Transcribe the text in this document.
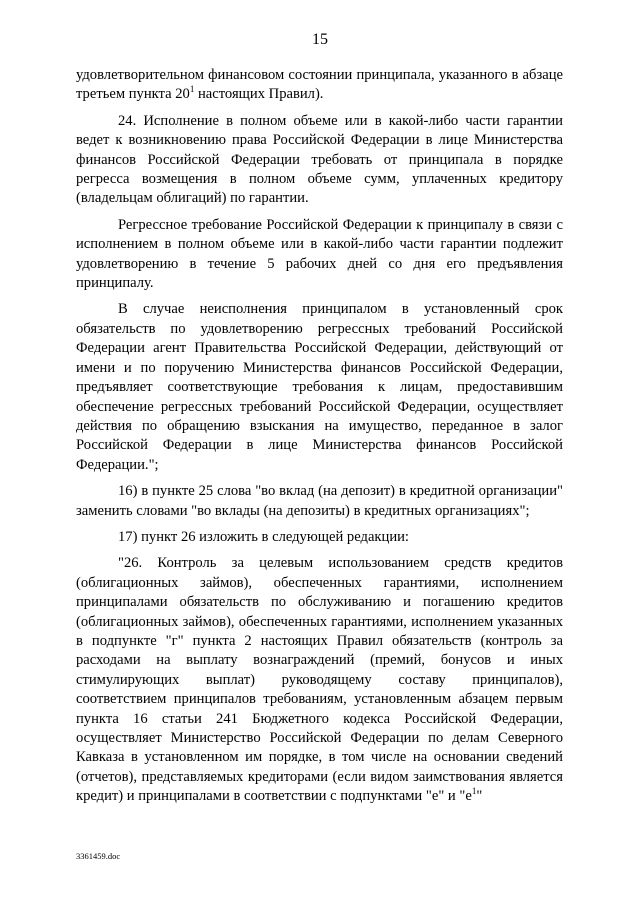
15

удовлетворительном финансовом состоянии принципала, указанного в абзаце третьем пункта $20^1$ настоящих Правил).

24. Исполнение в полном объеме или в какой-либо части гарантии ведет к возникновению права Российской Федерации в лице Министерства финансов Российской Федерации требовать от принципала в порядке регресса возмещения в полном объеме сумм, уплаченных кредитору (владельцам облигаций) по гарантии.

Регрессное требование Российской Федерации к принципалу в связи с исполнением в полном объеме или в какой-либо части гарантии подлежит удовлетворению в течение 5 рабочих дней со дня его предъявления принципалу.

В случае неисполнения принципалом в установленный срок обязательств по удовлетворению регрессных требований Российской Федерации агент Правительства Российской Федерации, действующий от имени и по поручению Министерства финансов Российской Федерации, предъявляет соответствующие требования к лицам, предоставившим обеспечение регрессных требований Российской Федерации, осуществляет действия по обращению взыскания на имущество, переданное в залог Российской Федерации в лице Министерства финансов Российской Федерации.";

16) в пункте 25 слова "во вклад (на депозит) в кредитной организации" заменить словами "во вклады (на депозиты) в кредитных организациях";

17) пункт 26 изложить в следующей редакции:

"26. Контроль за целевым использованием средств кредитов (облигационных займов), обеспеченных гарантиями, исполнением принципалами обязательств по обслуживанию и погашению кредитов (облигационных займов), обеспеченных гарантиями, исполнением указанных в подпункте "г" пункта 2 настоящих Правил обязательств (контроль за расходами на выплату вознаграждений (премий, бонусов и иных стимулирующих выплат) руководящему составу принципалов), соответствием принципалов требованиям, установленным абзацем первым пункта 16 статьи 241 Бюджетного кодекса Российской Федерации, осуществляет Министерство Российской Федерации по делам Северного Кавказа в установленном им порядке, в том числе на основании сведений (отчетов), представляемых кредиторами (если видом заимствования является кредит) и принципалами в соответствии с подпунктами "е" и "$е^1$"

3361459.doc
